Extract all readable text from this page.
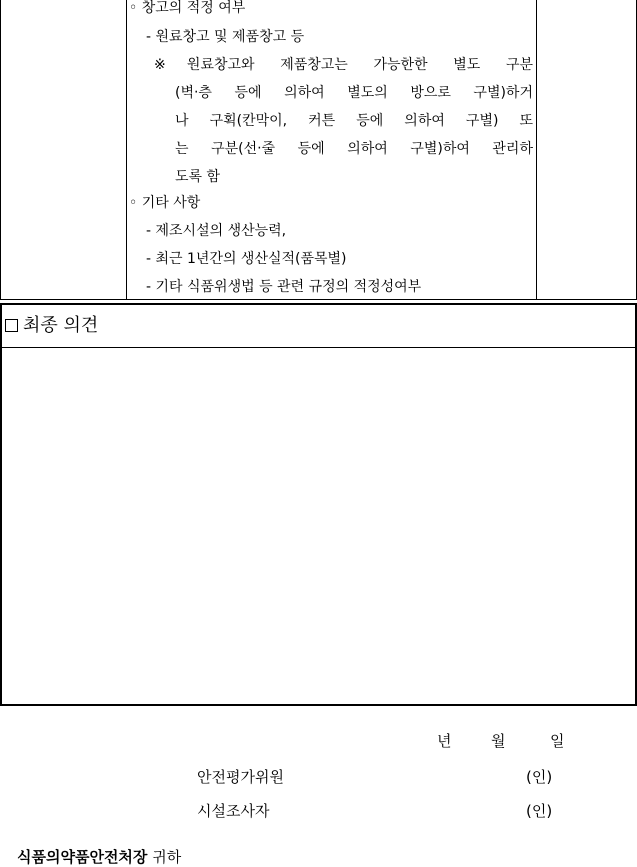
◦ 창고의 적정 여부
- 원료창고 및 제품창고 등
※원료창고와 제품창고는 가능한한 별도 구분
(벽‧층 등에 의하여 별도의 방으로 구별)하거
나 구획(칸막이, 커튼 등에 의하여 구별) 또
는 구분(선‧줄 등에 의하여 구별)하여 관리하
도록 함
◦ 기타 사항
- 제조시설의 생산능력,
- 최근 1년간의 생산실적(품목별)
- 기타 식품위생법 등 관련 규정의 적정성여부
최종 의견
년	월	일
안전평가위원	(인)
시설조사자	(인)
식품의약품안전처장 귀하
